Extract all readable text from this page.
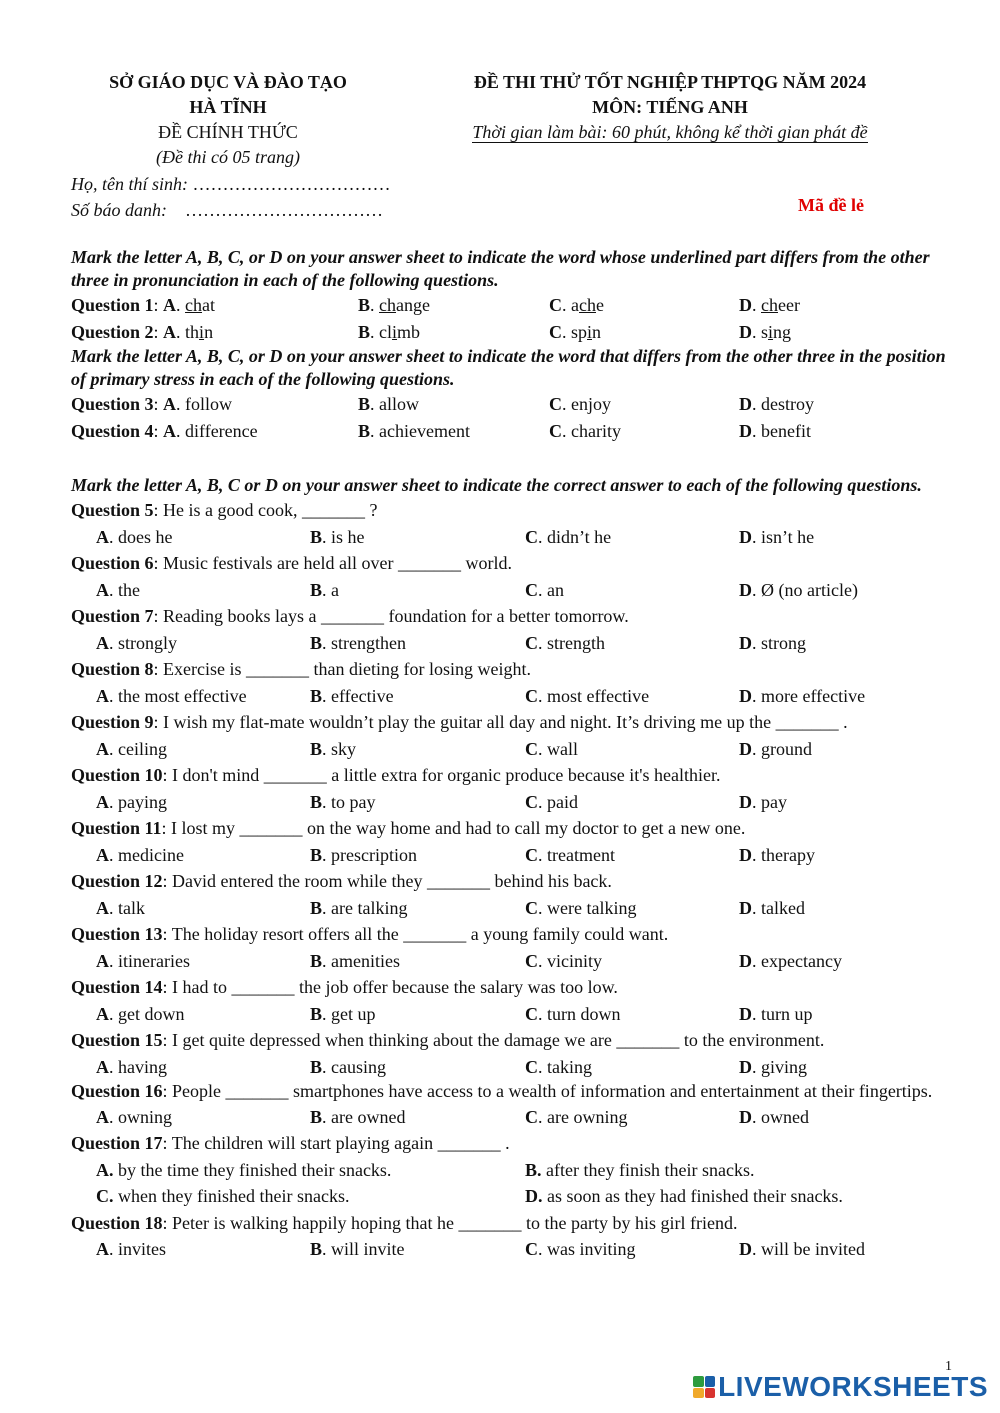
SỞ GIÁO DỤC VÀ ĐÀO TẠO
HÀ TĨNH
ĐỀ CHÍNH THỨC
(Đề thi có 05 trang)
ĐỀ THI THỬ TỐT NGHIỆP THPTQG NĂM 2024
MÔN: TIẾNG ANH
Thời gian làm bài: 60 phút, không kể thời gian phát đề
Họ, tên thí sinh: ……………………………
Số báo danh: ……………………………	Mã đề lẻ

Mark the letter A, B, C, or D on your answer sheet to indicate the word whose underlined part differs from the other three in pronunciation in each of the following questions.

Question 1: A. chat	B. change	C. ache	D. cheer
Question 2: A. thin	B. climb	C. spin	D. sing

Mark the letter A, B, C, or D on your answer sheet to indicate the word that differs from the other three in the position of primary stress in each of the following questions.

Question 3: A. follow	B. allow	C. enjoy	D. destroy
Question 4: A. difference	B. achievement	C. charity	D. benefit

Mark the letter A, B, C or D on your answer sheet to indicate the correct answer to each of the following questions.

Question 5: He is a good cook, _______ ?
A. does he	B. is he	C. didn’t he	D. isn’t he
Question 6: Music festivals are held all over _______ world.
A. the	B. a	C. an	D. Ø (no article)
Question 7: Reading books lays a _______ foundation for a better tomorrow.
A. strongly	B. strengthen	C. strength	D. strong
Question 8: Exercise is _______ than dieting for losing weight.
A. the most effective	B. effective	C. most effective	D. more effective
Question 9: I wish my flat-mate wouldn’t play the guitar all day and night. It’s driving me up the _______ .
A. ceiling	B. sky	C. wall	D. ground
Question 10: I don't mind _______ a little extra for organic produce because it's healthier.
A. paying	B. to pay	C. paid	D. pay
Question 11: I lost my _______ on the way home and had to call my doctor to get a new one.
A. medicine	B. prescription	C. treatment	D. therapy
Question 12: David entered the room while they _______ behind his back.
A. talk	B. are talking	C. were talking	D. talked
Question 13: The holiday resort offers all the _______ a young family could want.
A. itineraries	B. amenities	C. vicinity	D. expectancy
Question 14: I had to _______ the job offer because the salary was too low.
A. get down	B. get up	C. turn down	D. turn up
Question 15: I get quite depressed when thinking about the damage we are _______ to the environment.
A. having	B. causing	C. taking	D. giving
Question 16: People _______ smartphones have access to a wealth of information and entertainment at their fingertips.
A. owning	B. are owned	C. are owning	D. owned
Question 17: The children will start playing again _______ .
A. by the time they finished their snacks.	B. after they finish their snacks.
C. when they finished their snacks.	D. as soon as they had finished their snacks.
Question 18: Peter is walking happily hoping that he _______ to the party by his girl friend.
A. invites	B. will invite	C. was inviting	D. will be invited
1
LIVEWORKSHEETS
